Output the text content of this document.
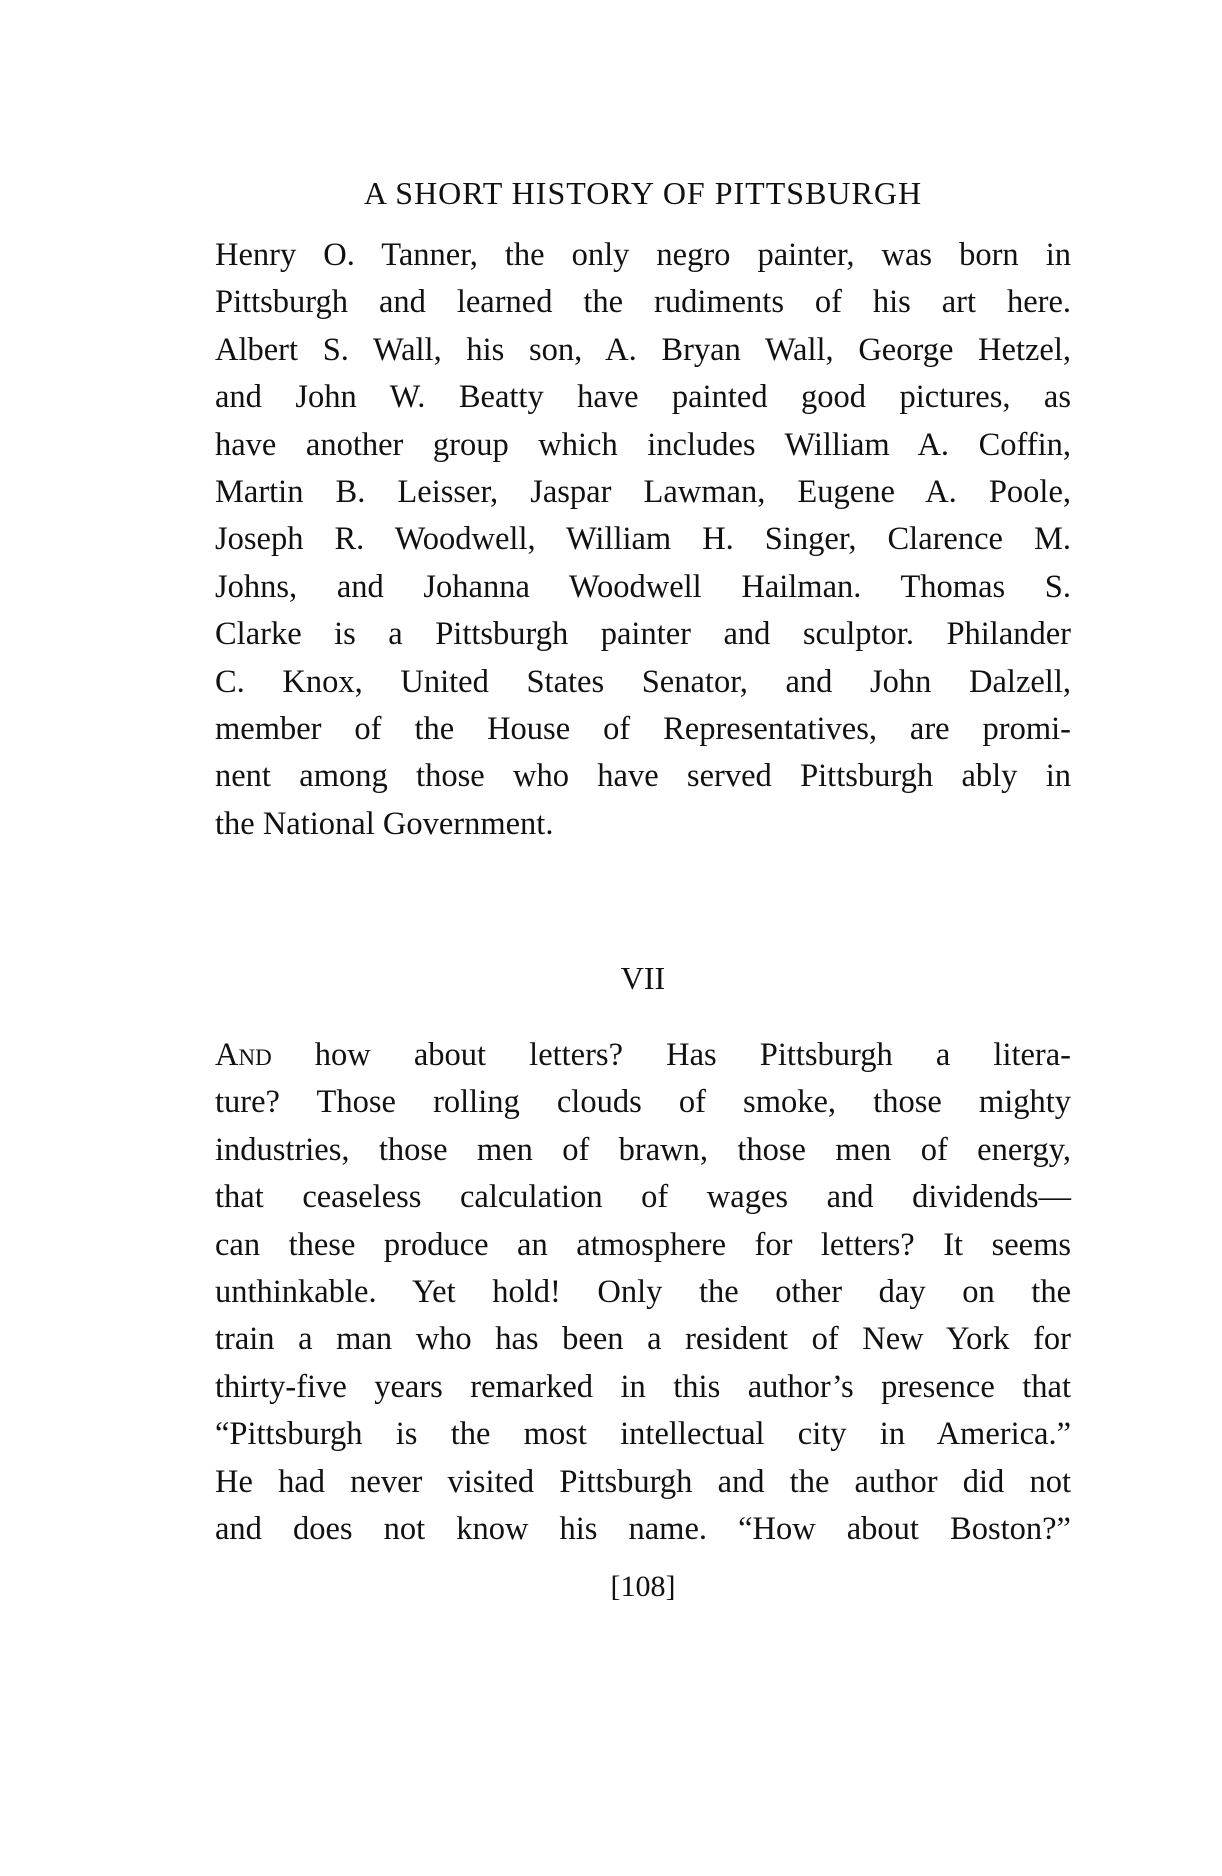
A SHORT HISTORY OF PITTSBURGH
Henry O. Tanner, the only negro painter, was born in
Pittsburgh and learned the rudiments of his art here.
Albert S. Wall, his son, A. Bryan Wall, George Hetzel,
and John W. Beatty have painted good pictures, as
have another group which includes William A. Coffin,
Martin B. Leisser, Jaspar Lawman, Eugene A. Poole,
Joseph R. Woodwell, William H. Singer, Clarence M.
Johns, and Johanna Woodwell Hailman. Thomas S.
Clarke is a Pittsburgh painter and sculptor. Philander
C. Knox, United States Senator, and John Dalzell,
member of the House of Representatives, are promi-
nent among those who have served Pittsburgh ably in
the National Government.
VII
And how about letters? Has Pittsburgh a litera-
ture? Those rolling clouds of smoke, those mighty
industries, those men of brawn, those men of energy,
that ceaseless calculation of wages and dividends—
can these produce an atmosphere for letters? It seems
unthinkable. Yet hold! Only the other day on the
train a man who has been a resident of New York for
thirty-five years remarked in this author’s presence that
“Pittsburgh is the most intellectual city in America.”
He had never visited Pittsburgh and the author did not
and does not know his name. “How about Boston?”
[108]
